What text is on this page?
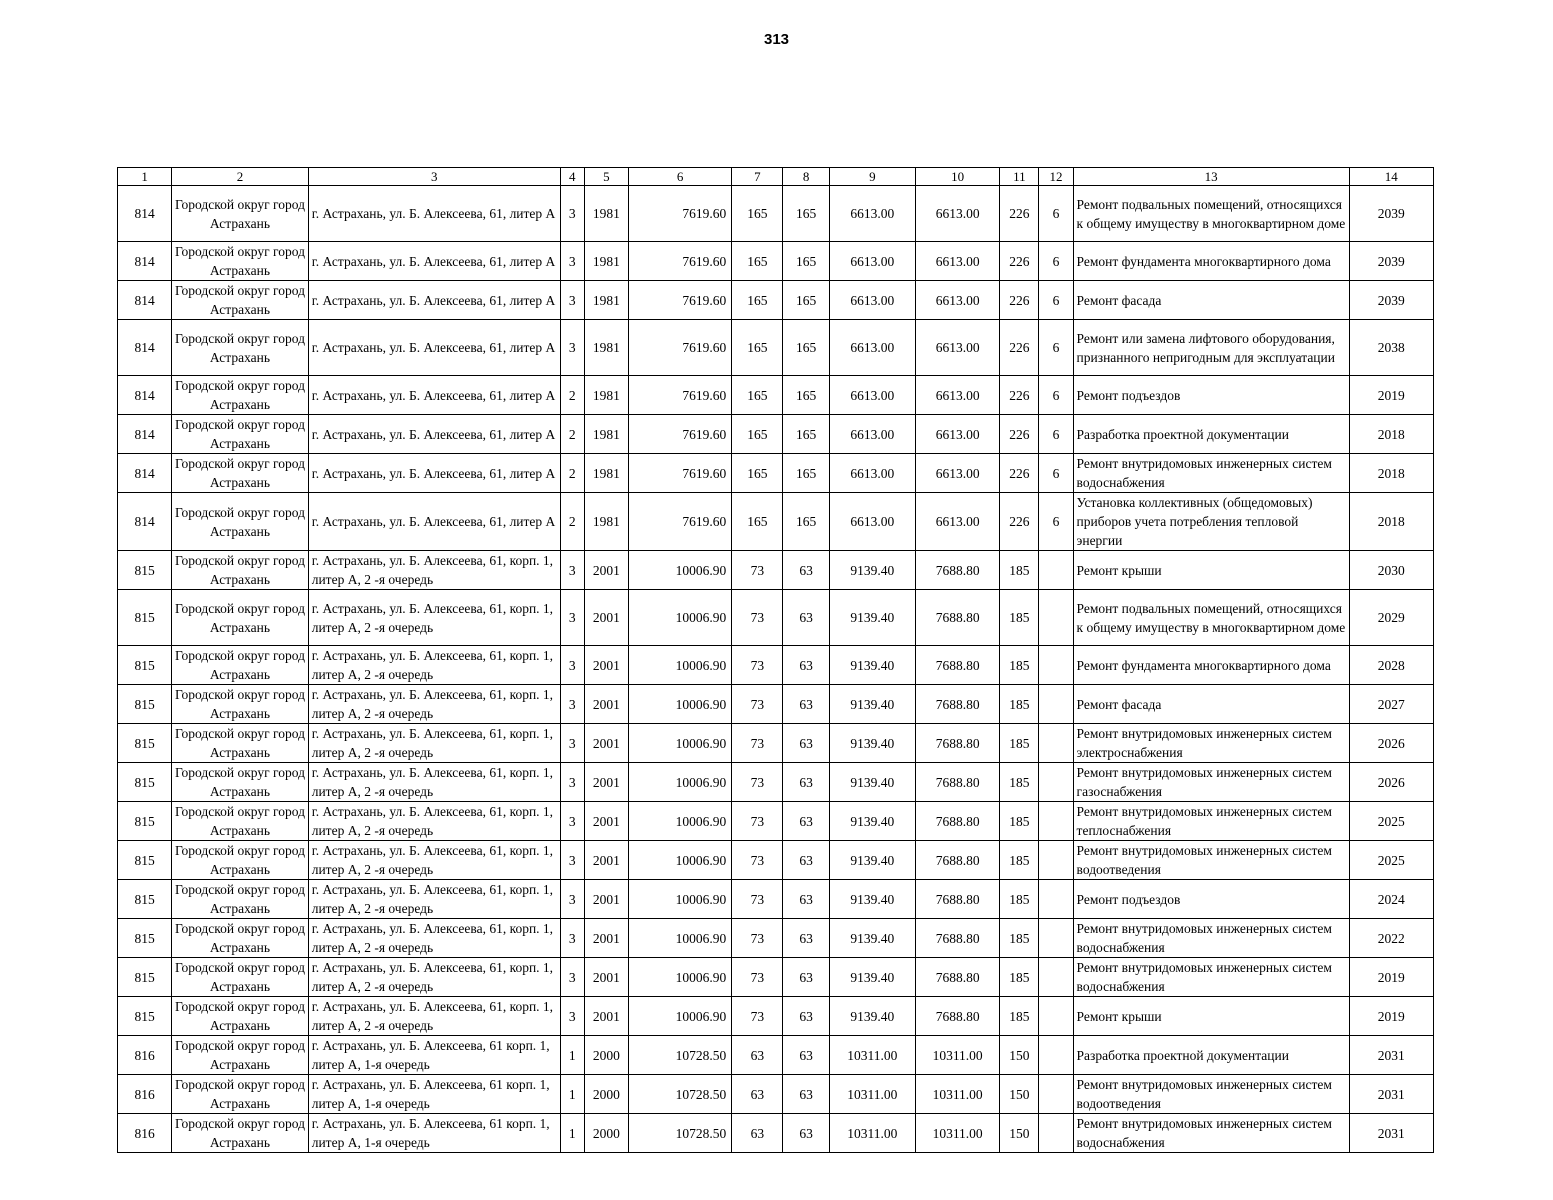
313
1	2	3	4	5	6	7	8	9	10	11	12	13	14
814	Городской округ город Астрахань	г. Астрахань, ул. Б. Алексеева, 61, литер А	3	1981	7619.60	165	165	6613.00	6613.00	226	6	Ремонт подвальных помещений, относящихся к общему имуществу в многоквартирном доме	2039
814	Городской округ город Астрахань	г. Астрахань, ул. Б. Алексеева, 61, литер А	3	1981	7619.60	165	165	6613.00	6613.00	226	6	Ремонт фундамента многоквартирного дома	2039
814	Городской округ город Астрахань	г. Астрахань, ул. Б. Алексеева, 61, литер А	3	1981	7619.60	165	165	6613.00	6613.00	226	6	Ремонт фасада	2039
814	Городской округ город Астрахань	г. Астрахань, ул. Б. Алексеева, 61, литер А	3	1981	7619.60	165	165	6613.00	6613.00	226	6	Ремонт или замена лифтового оборудования, признанного непригодным для эксплуатации	2038
814	Городской округ город Астрахань	г. Астрахань, ул. Б. Алексеева, 61, литер А	2	1981	7619.60	165	165	6613.00	6613.00	226	6	Ремонт подъездов	2019
814	Городской округ город Астрахань	г. Астрахань, ул. Б. Алексеева, 61, литер А	2	1981	7619.60	165	165	6613.00	6613.00	226	6	Разработка проектной документации	2018
814	Городской округ город Астрахань	г. Астрахань, ул. Б. Алексеева, 61, литер А	2	1981	7619.60	165	165	6613.00	6613.00	226	6	Ремонт внутридомовых инженерных систем водоснабжения	2018
814	Городской округ город Астрахань	г. Астрахань, ул. Б. Алексеева, 61, литер А	2	1981	7619.60	165	165	6613.00	6613.00	226	6	Установка коллективных (общедомовых) приборов учета потребления тепловой энергии	2018
815	Городской округ город Астрахань	г. Астрахань, ул. Б. Алексеева, 61, корп. 1, литер А, 2 -я очередь	3	2001	10006.90	73	63	9139.40	7688.80	185		Ремонт крыши	2030
815	Городской округ город Астрахань	г. Астрахань, ул. Б. Алексеева, 61, корп. 1, литер А, 2 -я очередь	3	2001	10006.90	73	63	9139.40	7688.80	185		Ремонт подвальных помещений, относящихся к общему имуществу в многоквартирном доме	2029
815	Городской округ город Астрахань	г. Астрахань, ул. Б. Алексеева, 61, корп. 1, литер А, 2 -я очередь	3	2001	10006.90	73	63	9139.40	7688.80	185		Ремонт фундамента многоквартирного дома	2028
815	Городской округ город Астрахань	г. Астрахань, ул. Б. Алексеева, 61, корп. 1, литер А, 2 -я очередь	3	2001	10006.90	73	63	9139.40	7688.80	185		Ремонт фасада	2027
815	Городской округ город Астрахань	г. Астрахань, ул. Б. Алексеева, 61, корп. 1, литер А, 2 -я очередь	3	2001	10006.90	73	63	9139.40	7688.80	185		Ремонт внутридомовых инженерных систем электроснабжения	2026
815	Городской округ город Астрахань	г. Астрахань, ул. Б. Алексеева, 61, корп. 1, литер А, 2 -я очередь	3	2001	10006.90	73	63	9139.40	7688.80	185		Ремонт внутридомовых инженерных систем газоснабжения	2026
815	Городской округ город Астрахань	г. Астрахань, ул. Б. Алексеева, 61, корп. 1, литер А, 2 -я очередь	3	2001	10006.90	73	63	9139.40	7688.80	185		Ремонт внутридомовых инженерных систем теплоснабжения	2025
815	Городской округ город Астрахань	г. Астрахань, ул. Б. Алексеева, 61, корп. 1, литер А, 2 -я очередь	3	2001	10006.90	73	63	9139.40	7688.80	185		Ремонт внутридомовых инженерных систем водоотведения	2025
815	Городской округ город Астрахань	г. Астрахань, ул. Б. Алексеева, 61, корп. 1, литер А, 2 -я очередь	3	2001	10006.90	73	63	9139.40	7688.80	185		Ремонт подъездов	2024
815	Городской округ город Астрахань	г. Астрахань, ул. Б. Алексеева, 61, корп. 1, литер А, 2 -я очередь	3	2001	10006.90	73	63	9139.40	7688.80	185		Ремонт внутридомовых инженерных систем водоснабжения	2022
815	Городской округ город Астрахань	г. Астрахань, ул. Б. Алексеева, 61, корп. 1, литер А, 2 -я очередь	3	2001	10006.90	73	63	9139.40	7688.80	185		Ремонт внутридомовых инженерных систем водоснабжения	2019
815	Городской округ город Астрахань	г. Астрахань, ул. Б. Алексеева, 61, корп. 1, литер А, 2 -я очередь	3	2001	10006.90	73	63	9139.40	7688.80	185		Ремонт крыши	2019
816	Городской округ город Астрахань	г. Астрахань, ул. Б. Алексеева, 61 корп. 1, литер А, 1-я очередь	1	2000	10728.50	63	63	10311.00	10311.00	150		Разработка проектной документации	2031
816	Городской округ город Астрахань	г. Астрахань, ул. Б. Алексеева, 61 корп. 1, литер А, 1-я очередь	1	2000	10728.50	63	63	10311.00	10311.00	150		Ремонт внутридомовых инженерных систем водоотведения	2031
816	Городской округ город Астрахань	г. Астрахань, ул. Б. Алексеева, 61 корп. 1, литер А, 1-я очередь	1	2000	10728.50	63	63	10311.00	10311.00	150		Ремонт внутридомовых инженерных систем водоснабжения	2031
